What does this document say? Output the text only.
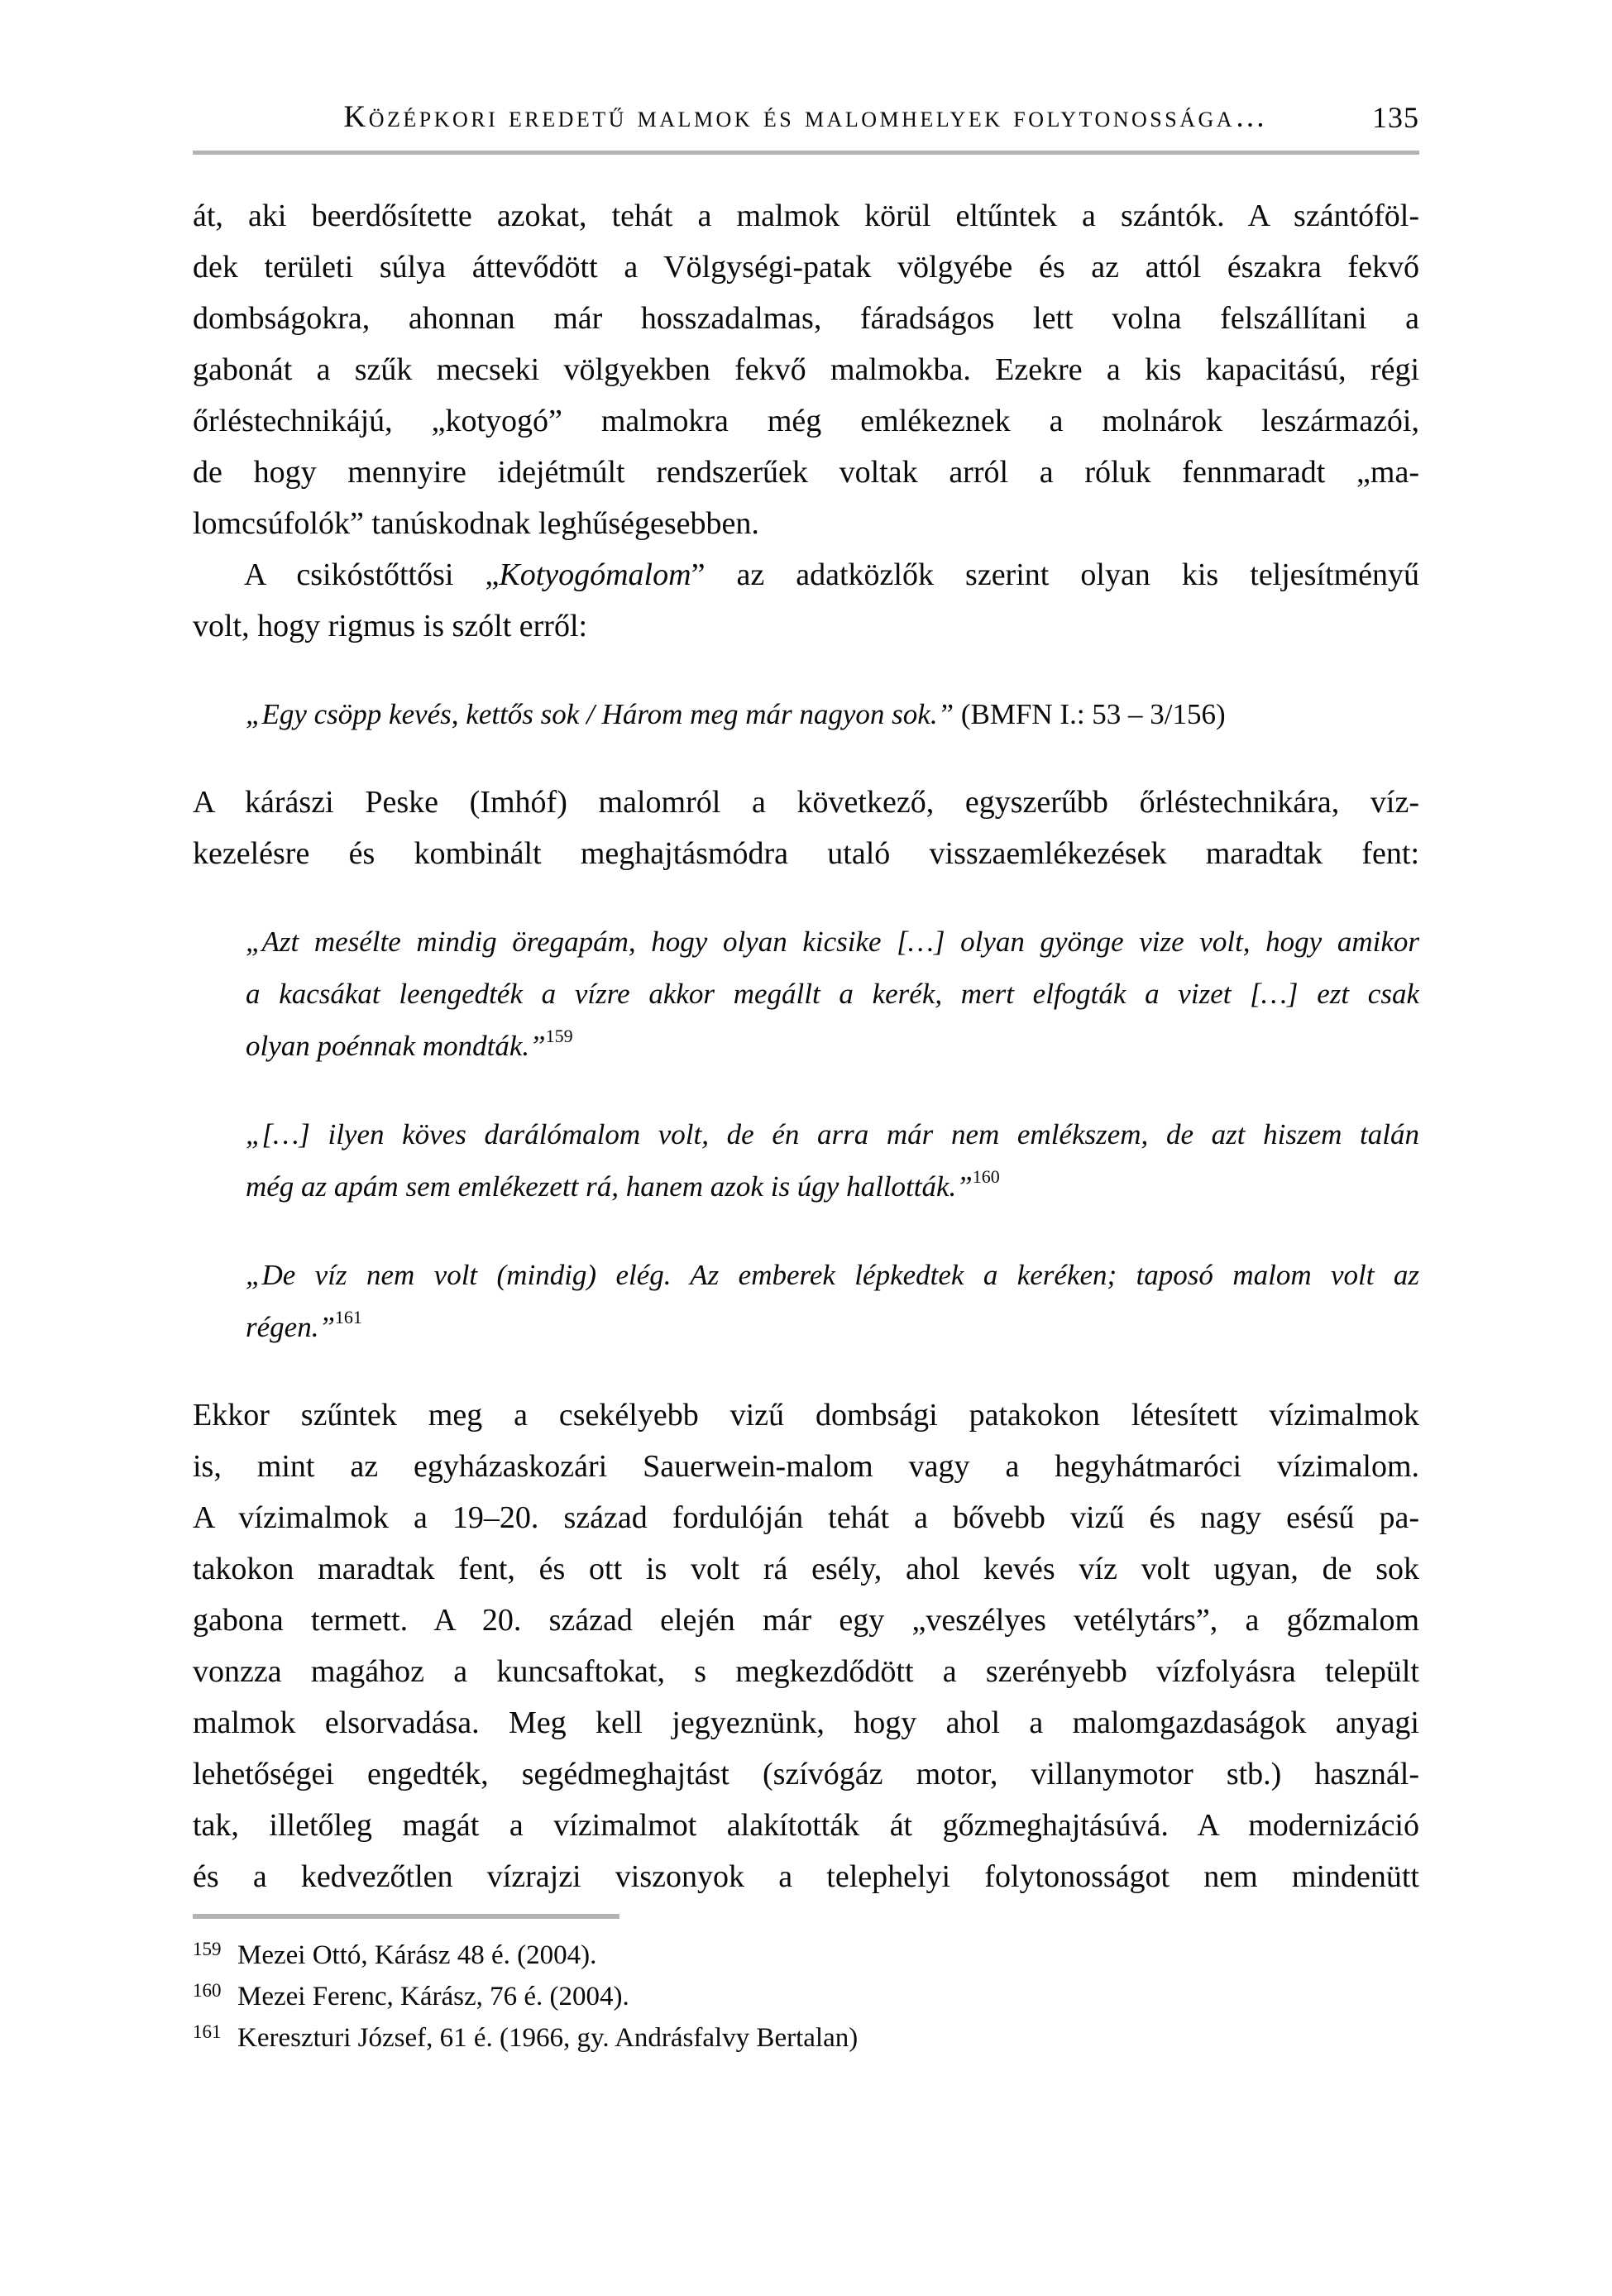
Középkori eredetű malmok és malomhelyek folytonossága…	135
át, aki beerdősítette azokat, tehát a malmok körül eltűntek a szántók. A szántóföl-
dek területi súlya áttevődött a Völgységi-patak völgyébe és az attól északra fekvő
dombságokra, ahonnan már hosszadalmas, fáradságos lett volna felszállítani a
gabonát a szűk mecseki völgyekben fekvő malmokba. Ezekre a kis kapacitású, régi
őrléstechnikájú, „kotyogó” malmokra még emlékeznek a molnárok leszármazói,
de hogy mennyire idejétmúlt rendszerűek voltak arról a róluk fennmaradt „ma-
lomcsúfolók” tanúskodnak leghűségesebben.
A csikóstőttősi „Kotyogómalom” az adatközlők szerint olyan kis teljesítményű
volt, hogy rigmus is szólt erről:
„Egy csöpp kevés, kettős sok / Három meg már nagyon sok.” (BMFN I.: 53 – 3/156)
A kárászi Peske (Imhóf) malomról a következő, egyszerűbb őrléstechnikára, víz-
kezelésre és kombinált meghajtásmódra utaló visszaemlékezések maradtak fent:
„Azt mesélte mindig öregapám, hogy olyan kicsike […] olyan gyönge vize volt, hogy amikor
a kacsákat leengedték a vízre akkor megállt a kerék, mert elfogták a vizet […] ezt csak
olyan poénnak mondták.”$^{159}$
„[…] ilyen köves darálómalom volt, de én arra már nem emlékszem, de azt hiszem talán
még az apám sem emlékezett rá, hanem azok is úgy hallották.”$^{160}$
„De víz nem volt (mindig) elég. Az emberek lépkedtek a keréken; taposó malom volt az
régen.”$^{161}$
Ekkor szűntek meg a csekélyebb vizű dombsági patakokon létesített vízimalmok
is, mint az egyházaskozári Sauerwein-malom vagy a hegyhátmaróci vízimalom.
A vízimalmok a 19–20. század fordulóján tehát a bővebb vizű és nagy esésű pa-
takokon maradtak fent, és ott is volt rá esély, ahol kevés víz volt ugyan, de sok
gabona termett. A 20. század elején már egy „veszélyes vetélytárs”, a gőzmalom
vonzza magához a kuncsaftokat, s megkezdődött a szerényebb vízfolyásra települt
malmok elsorvadása. Meg kell jegyeznünk, hogy ahol a malomgazdaságok anyagi
lehetőségei engedték, segédmeghajtást (szívógáz motor, villanymotor stb.) használ-
tak, illetőleg magát a vízimalmot alakították át gőzmeghajtásúvá. A modernizáció
és a kedvezőtlen vízrajzi viszonyok a telephelyi folytonosságot nem mindenütt
159 Mezei Ottó, Kárász 48 é. (2004).
160 Mezei Ferenc, Kárász, 76 é. (2004).
161 Kereszturi József, 61 é. (1966, gy. Andrásfalvy Bertalan)
